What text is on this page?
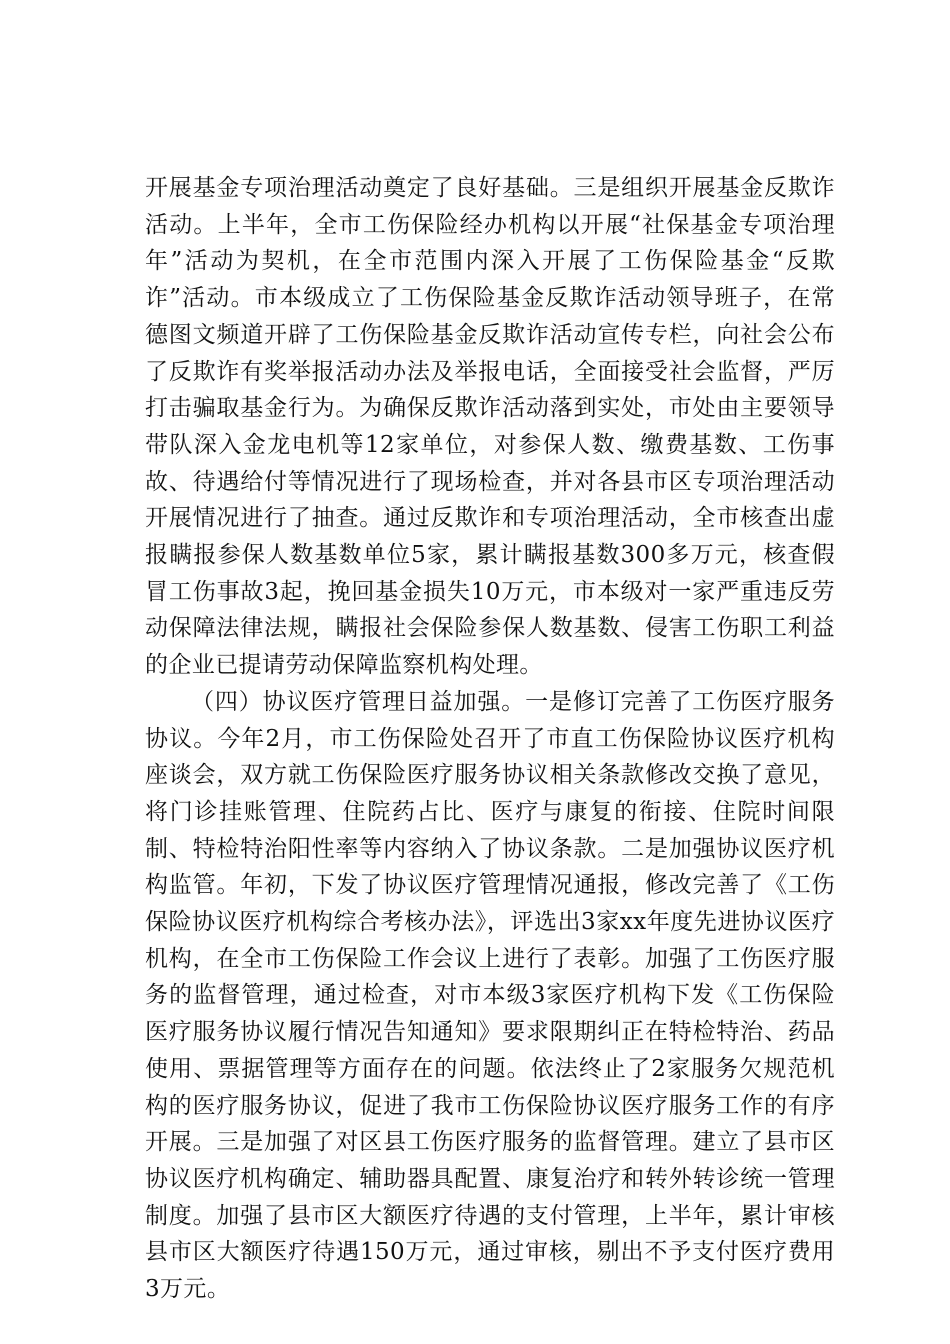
开展基金专项治理活动奠定了良好基础。三是组织开展基金反欺诈活动。上半年，全市工伤保险经办机构以开展“社保基金专项治理年”活动为契机，在全市范围内深入开展了工伤保险基金“反欺诈”活动。市本级成立了工伤保险基金反欺诈活动领导班子，在常德图文频道开辟了工伤保险基金反欺诈活动宣传专栏，向社会公布了反欺诈有奖举报活动办法及举报电话，全面接受社会监督，严厉打击骗取基金行为。为确保反欺诈活动落到实处，市处由主要领导带队深入金龙电机等12家单位，对参保人数、缴费基数、工伤事故、待遇给付等情况进行了现场检查，并对各县市区专项治理活动开展情况进行了抽查。通过反欺诈和专项治理活动，全市核查出虚报瞒报参保人数基数单位5家，累计瞒报基数300多万元，核查假冒工伤事故3起，挽回基金损失10万元，市本级对一家严重违反劳动保障法律法规，瞒报社会保险参保人数基数、侵害工伤职工利益的企业已提请劳动保障监察机构处理。

（四）协议医疗管理日益加强。一是修订完善了工伤医疗服务协议。今年2月，市工伤保险处召开了市直工伤保险协议医疗机构座谈会，双方就工伤保险医疗服务协议相关条款修改交换了意见，将门诊挂账管理、住院药占比、医疗与康复的衔接、住院时间限制、特检特治阳性率等内容纳入了协议条款。二是加强协议医疗机构监管。年初，下发了协议医疗管理情况通报，修改完善了《工伤保险协议医疗机构综合考核办法》，评选出3家xx年度先进协议医疗机构，在全市工伤保险工作会议上进行了表彰。加强了工伤医疗服务的监督管理，通过检查，对市本级3家医疗机构下发《工伤保险医疗服务协议履行情况告知通知》要求限期纠正在特检特治、药品使用、票据管理等方面存在的问题。依法终止了2家服务欠规范机构的医疗服务协议，促进了我市工伤保险协议医疗服务工作的有序开展。三是加强了对区县工伤医疗服务的监督管理。建立了县市区协议医疗机构确定、辅助器具配置、康复治疗和转外转诊统一管理制度。加强了县市区大额医疗待遇的支付管理，上半年，累计审核县市区大额医疗待遇150万元，通过审核，剔出不予支付医疗费用3万元。
